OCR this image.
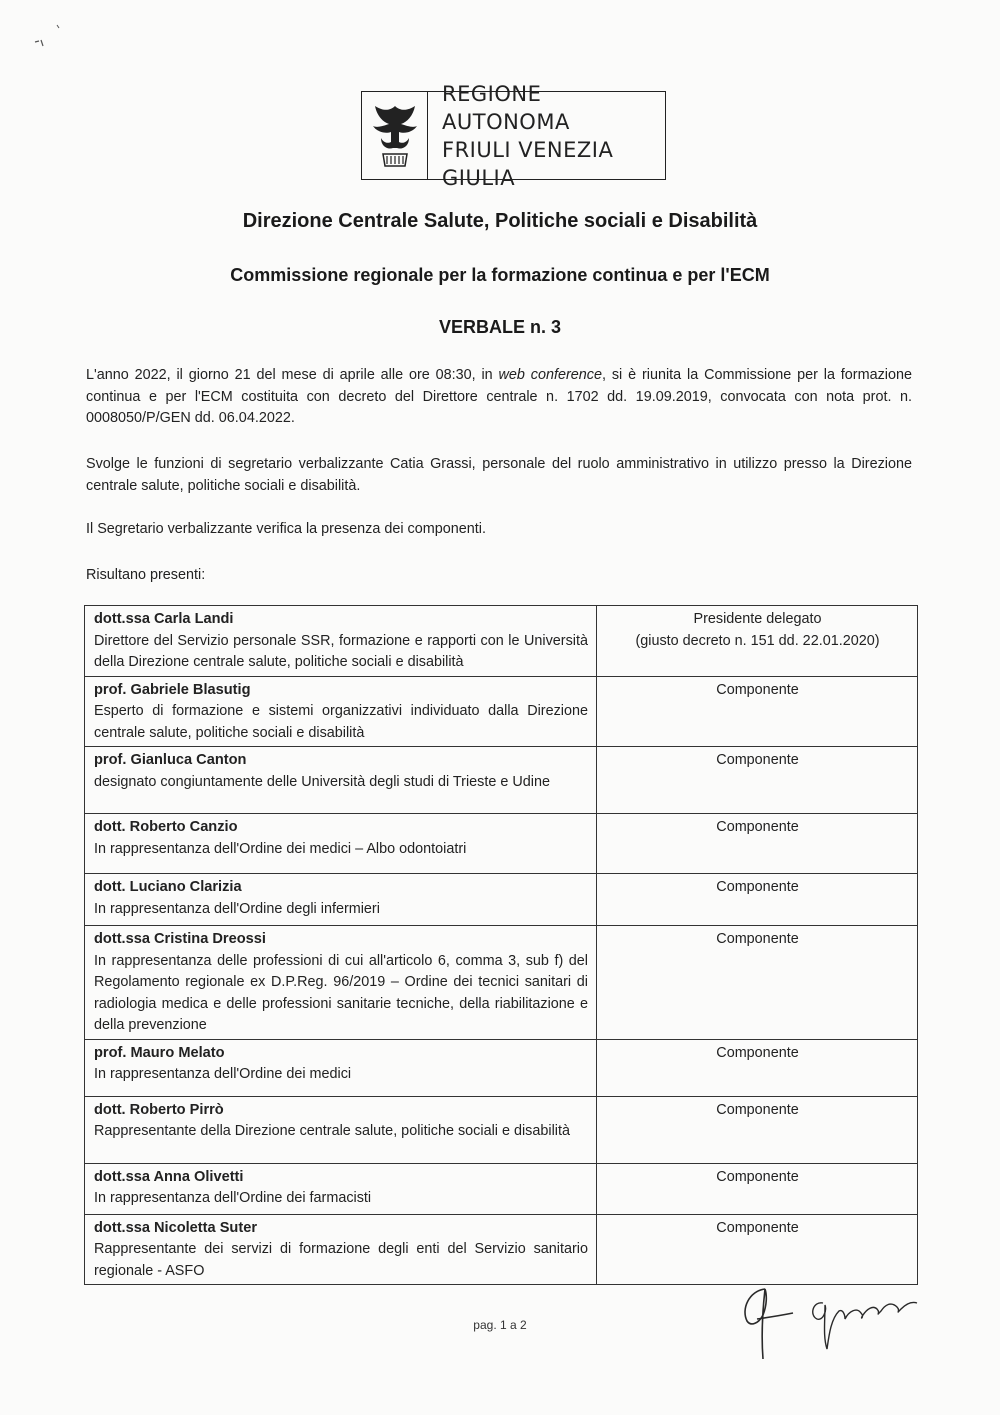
REGIONE AUTONOMA
FRIULI VENEZIA GIULIA
Direzione Centrale Salute, Politiche sociali e Disabilità
Commissione regionale per la formazione continua e per l'ECM
VERBALE n. 3
L'anno 2022, il giorno 21 del mese di aprile alle ore 08:30, in web conference, si è riunita la Commissione per la formazione continua e per l'ECM costituita con decreto del Direttore centrale n. 1702 dd. 19.09.2019, convocata con nota prot. n. 0008050/P/GEN dd. 06.04.2022.
Svolge le funzioni di segretario verbalizzante Catia Grassi, personale del ruolo amministrativo in utilizzo presso la Direzione centrale salute, politiche sociali e disabilità.
Il Segretario verbalizzante verifica la presenza dei componenti.
Risultano presenti:
dott.ssa Carla Landi
Direttore del Servizio personale SSR, formazione e rapporti con le Università della Direzione centrale salute, politiche sociali e disabilità	Presidente delegato
(giusto decreto n. 151 dd. 22.01.2020)

prof. Gabriele Blasutig
Esperto di formazione e sistemi organizzativi individuato dalla Direzione centrale salute, politiche sociali e disabilità	Componente

prof. Gianluca Canton
designato congiuntamente delle Università degli studi di Trieste e Udine	Componente

dott. Roberto Canzio
In rappresentanza dell'Ordine dei medici – Albo odontoiatri	Componente

dott. Luciano Clarizia
In rappresentanza dell'Ordine degli infermieri	Componente

dott.ssa Cristina Dreossi
In rappresentanza delle professioni di cui all'articolo 6, comma 3, sub f) del Regolamento regionale ex D.P.Reg. 96/2019 – Ordine dei tecnici sanitari di radiologia medica e delle professioni sanitarie tecniche, della riabilitazione e della prevenzione	Componente

prof. Mauro Melato
In rappresentanza dell'Ordine dei medici	Componente

dott. Roberto Pirrò
Rappresentante della Direzione centrale salute, politiche sociali e disabilità	Componente

dott.ssa Anna Olivetti
In rappresentanza dell'Ordine dei farmacisti	Componente

dott.ssa Nicoletta Suter
Rappresentante dei servizi di formazione degli enti del Servizio sanitario regionale - ASFO	Componente
pag. 1 a 2
